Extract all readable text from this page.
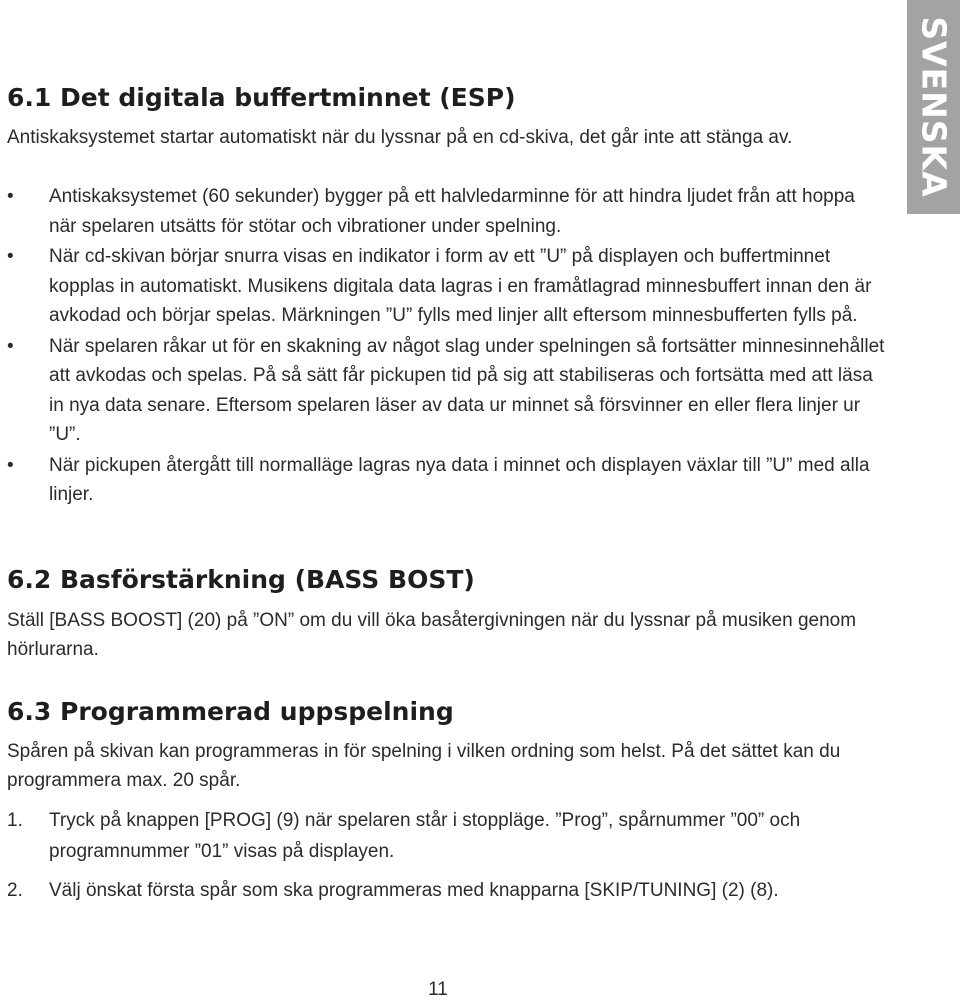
SVENSKA
6.1 Det digitala buffertminnet (ESP)

Antiskaksystemet startar automatiskt när du lyssnar på en cd-skiva, det går inte att stänga av.

• Antiskaksystemet (60 sekunder) bygger på ett halvledarminne för att hindra ljudet från att hoppa när spelaren utsätts för stötar och vibrationer under spelning.
• När cd-skivan börjar snurra visas en indikator i form av ett ”U” på displayen och buffertminnet kopplas in automatiskt. Musikens digitala data lagras i en framåtlagrad minnesbuffert innan den är avkodad och börjar spelas. Märkningen ”U” fylls med linjer allt eftersom minnesbufferten fylls på.
• När spelaren råkar ut för en skakning av något slag under spelningen så fortsätter minnesinnehållet att avkodas och spelas. På så sätt får pickupen tid på sig att stabiliseras och fortsätta med att läsa in nya data senare. Eftersom spelaren läser av data ur minnet så försvinner en eller flera linjer ur ”U”.
• När pickupen återgått till normalläge lagras nya data i minnet och displayen växlar till ”U” med alla linjer.
6.2 Basförstärkning (BASS BOST)

Ställ [BASS BOOST] (20) på ”ON” om du vill öka basåtergivningen när du lyssnar på musiken genom hörlurarna.

6.3 Programmerad uppspelning

Spåren på skivan kan programmeras in för spelning i vilken ordning som helst. På det sättet kan du programmera max. 20 spår.

1. Tryck på knappen [PROG] (9) när spelaren står i stoppläge. ”Prog”, spårnummer ”00” och programnummer ”01” visas på displayen.
2. Välj önskat första spår som ska programmeras med knapparna [SKIP/TUNING] (2) (8).
11
